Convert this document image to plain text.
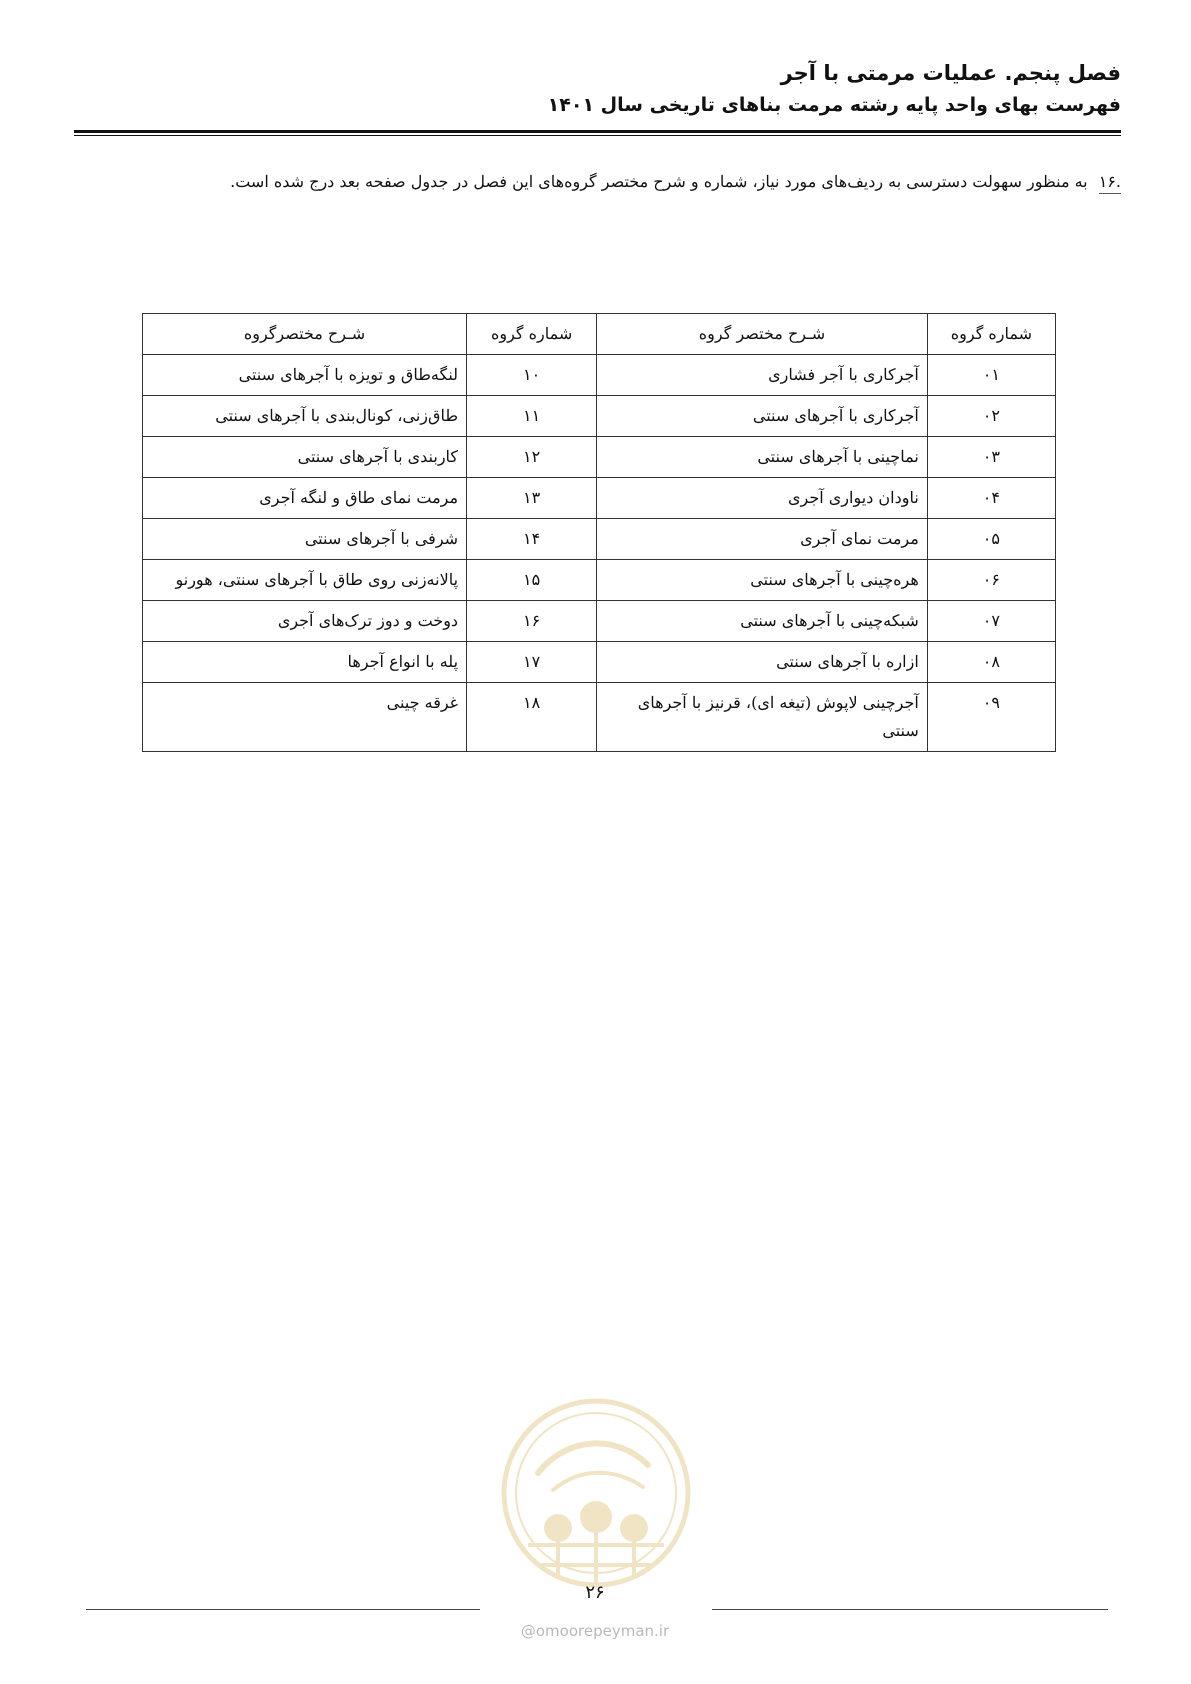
فصل پنجم. عملیات مرمتی با آجر
فهرست بهای واحد پایه رشته مرمت بناهای تاریخی سال ۱۴۰۱
.۱۶ به منظور سهولت دسترسی به ردیف‌های مورد نیاز، شماره و شرح مختصر گروه‌های این فصل در جدول صفحه بعد درج شده است.
شماره گروه	شـرح مختصر گروه	شماره گروه	شـرح مختصرگروه
۰۱	آجرکاری با آجر فشاری	۱۰	لنگه‌طاق و تویزه با آجرهای سنتی
۰۲	آجرکاری با آجرهای سنتی	۱۱	طاق‌زنی، کونال‌بندی با آجرهای سنتی
۰۳	نماچینی با آجرهای سنتی	۱۲	کاربندی با آجرهای سنتی
۰۴	ناودان دیواری آجری	۱۳	مرمت نمای طاق و لنگه آجری
۰۵	مرمت نمای آجری	۱۴	شرفی با آجرهای سنتی
۰۶	هره‌چینی با آجرهای سنتی	۱۵	پالانه‌زنی روی طاق با آجرهای سنتی، هورنو
۰۷	شبکه‌چینی با آجرهای سنتی	۱۶	دوخت و دوز ترک‌های آجری
۰۸	ازاره با آجرهای سنتی	۱۷	پله با انواع آجرها
۰۹	آجرچینی لاپوش (تیغه ای)، قرنیز با آجرهای سنتی	۱۸	غرقه چینی
۲۶
@omoorepeyman.ir
